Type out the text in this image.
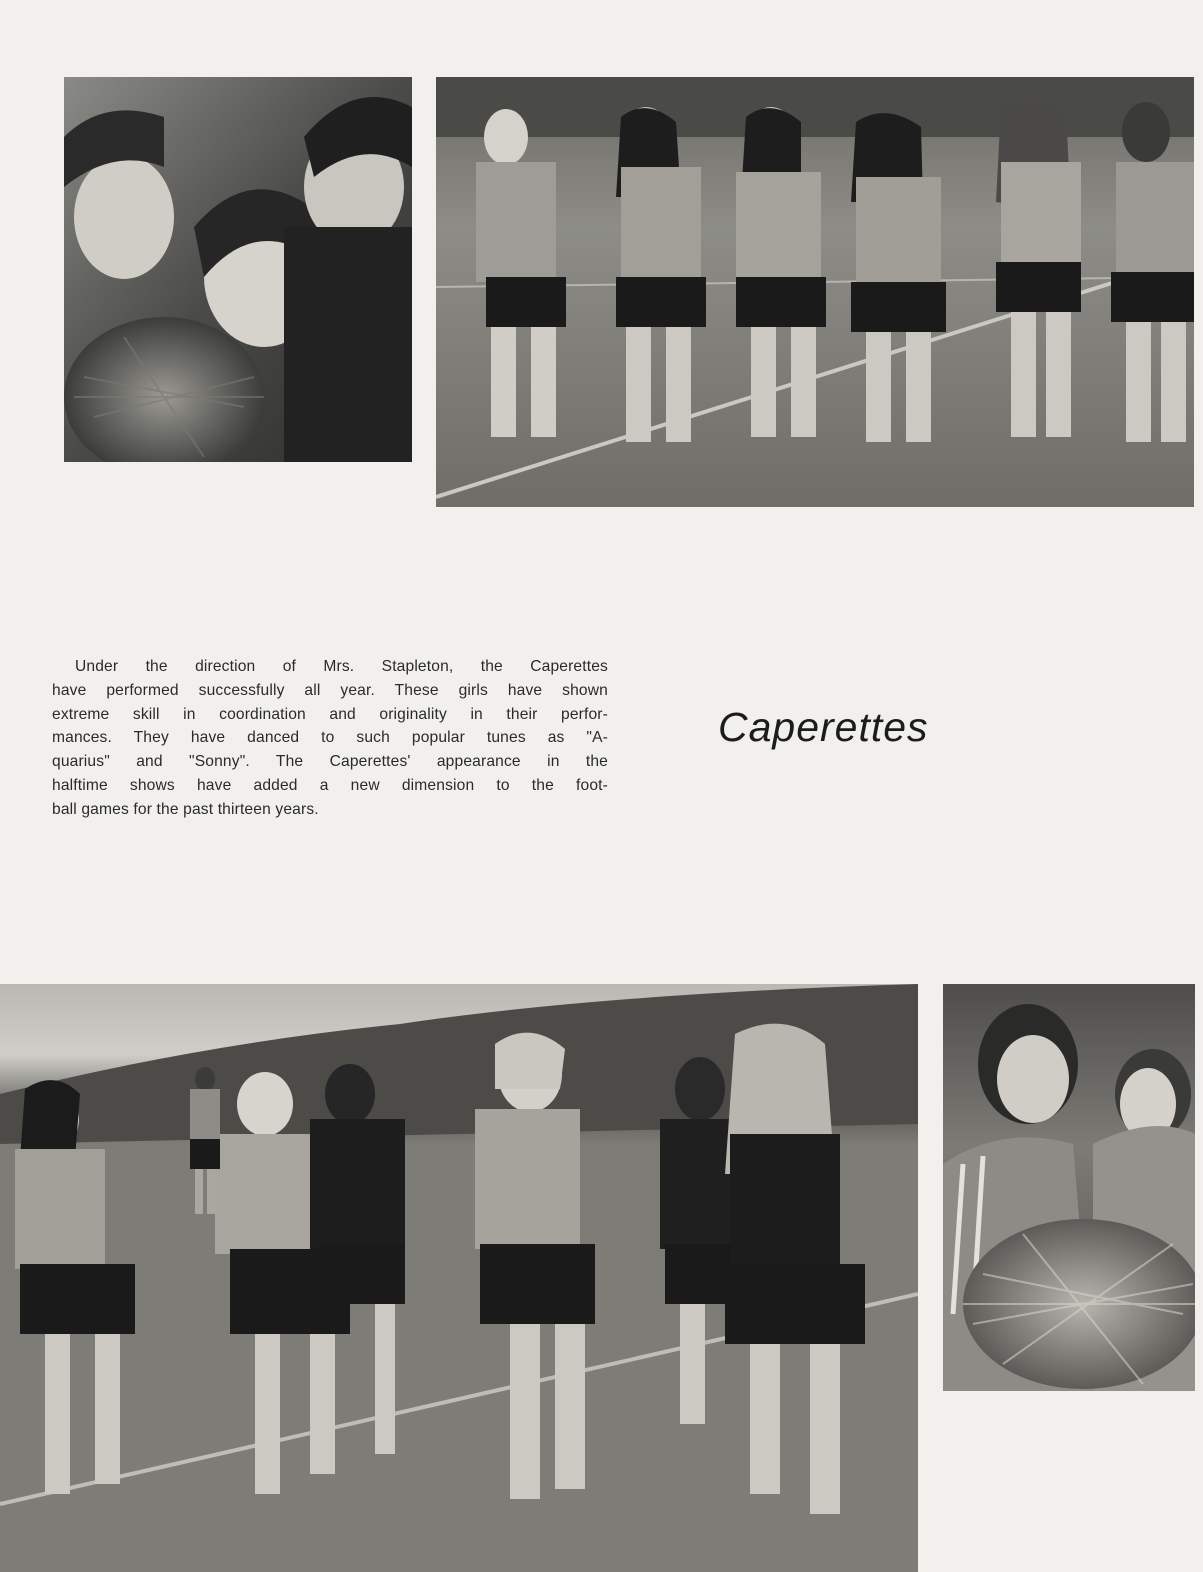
Under the direction of Mrs. Stapleton, the Caperettes
have performed successfully all year. These girls have shown
extreme skill in coordination and originality in their perfor-
mances. They have danced to such popular tunes as "A-
quarius" and "Sonny". The Caperettes' appearance in the
halftime shows have added a new dimension to the foot-
ball games for the past thirteen years.
Caperettes
